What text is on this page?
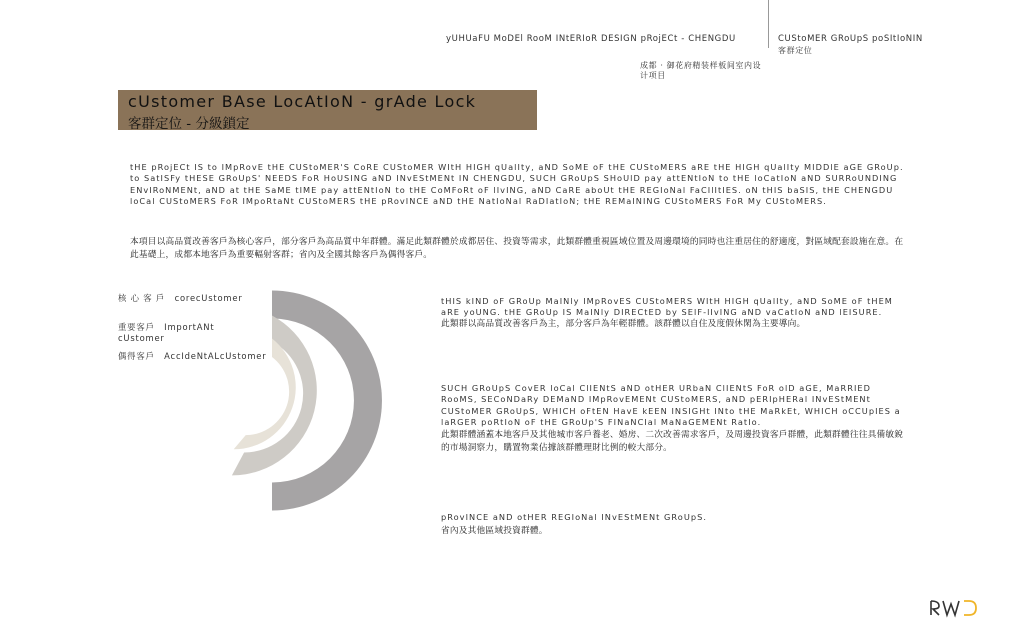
yUHUaFU MoDEl RooM INtERIoR DESIGN pRojECt - CHENGDU
成都 · 御花府精装样板间室内设计项目
CUStoMER GRoUpS poSItIoNIN
客群定位
cUstomer BAse LocAtIoN - grAde Lock
客群定位 - 分級鎖定
tHE pRojECt IS to IMpRovE tHE CUStoMER'S CoRE CUStoMER WItH HIGH qUalIty, aND SoME oF tHE CUStoMERS aRE tHE HIGH qUalIty MIDDlE aGE GRoUp. to SatISFy tHESE GRoUpS' NEEDS FoR HoUSING aND INvEStMENt IN CHENGDU, SUCH GRoUpS SHoUlD pay attENtIoN to tHE loCatIoN aND SURRoUNDING ENvIRoNMENt, aND at tHE SaME tIME pay attENtIoN to tHE CoMFoRt oF lIvING, aND CaRE aboUt tHE REGIoNal FaCIlItIES. oN tHIS baSIS, tHE CHENGDU loCal CUStoMERS FoR IMpoRtaNt CUStoMERS tHE pRovINCE aND tHE NatIoNal RaDIatIoN; tHE REMaINING CUStoMERS FoR My CUStoMERS.
本項目以高品質改善客戶為核心客戶，部分客戶為高品質中年群體。滿足此類群體於成都居住、投資等需求，此類群體重視區域位置及周邊環境的同時也注重居住的舒適度，對區域配套設施在意。在此基礎上，成都本地客戶為重要輻射客群；省內及全國其餘客戶為偶得客戶。
核 心 客 戶 corecUstomer
重要客戶 ImportANt
cUstomer
偶得客戶 AccIdeNtALcUstomer
tHIS kIND oF GRoUp MaINly IMpRovES CUStoMERS WItH HIGH qUalIty, aND SoME oF tHEM aRE yoUNG. tHE GRoUp IS MaINly DIRECtED by SElF-lIvING aND vaCatIoN aND lEISURE.
此類群以高品質改善客戶為主，部分客戶為年輕群體。該群體以自住及度假休閑為主要導向。
SUCH GRoUpS CovER loCal ClIENtS aND otHER URbaN ClIENtS FoR olD aGE, MaRRIED RooMS, SECoNDaRy DEMaND IMpRovEMENt CUStoMERS, aND pERIpHERal INvEStMENt CUStoMER GRoUpS, WHICH oFtEN HavE kEEN INSIGHt INto tHE MaRkEt, WHICH oCCUpIES a laRGER poRtIoN oF tHE GRoUp'S FINaNCIal MaNaGEMENt RatIo.
此類群體涵蓋本地客戶及其他城市客戶養老、婚房、二次改善需求客戶，及周邊投資客戶群體，此類群體往往具備敏銳的市場洞察力，購置物業佔據該群體理財比例的較大部分。
pRovINCE aND otHER REGIoNal INvEStMENt GRoUpS.
省內及其他區域投資群體。
